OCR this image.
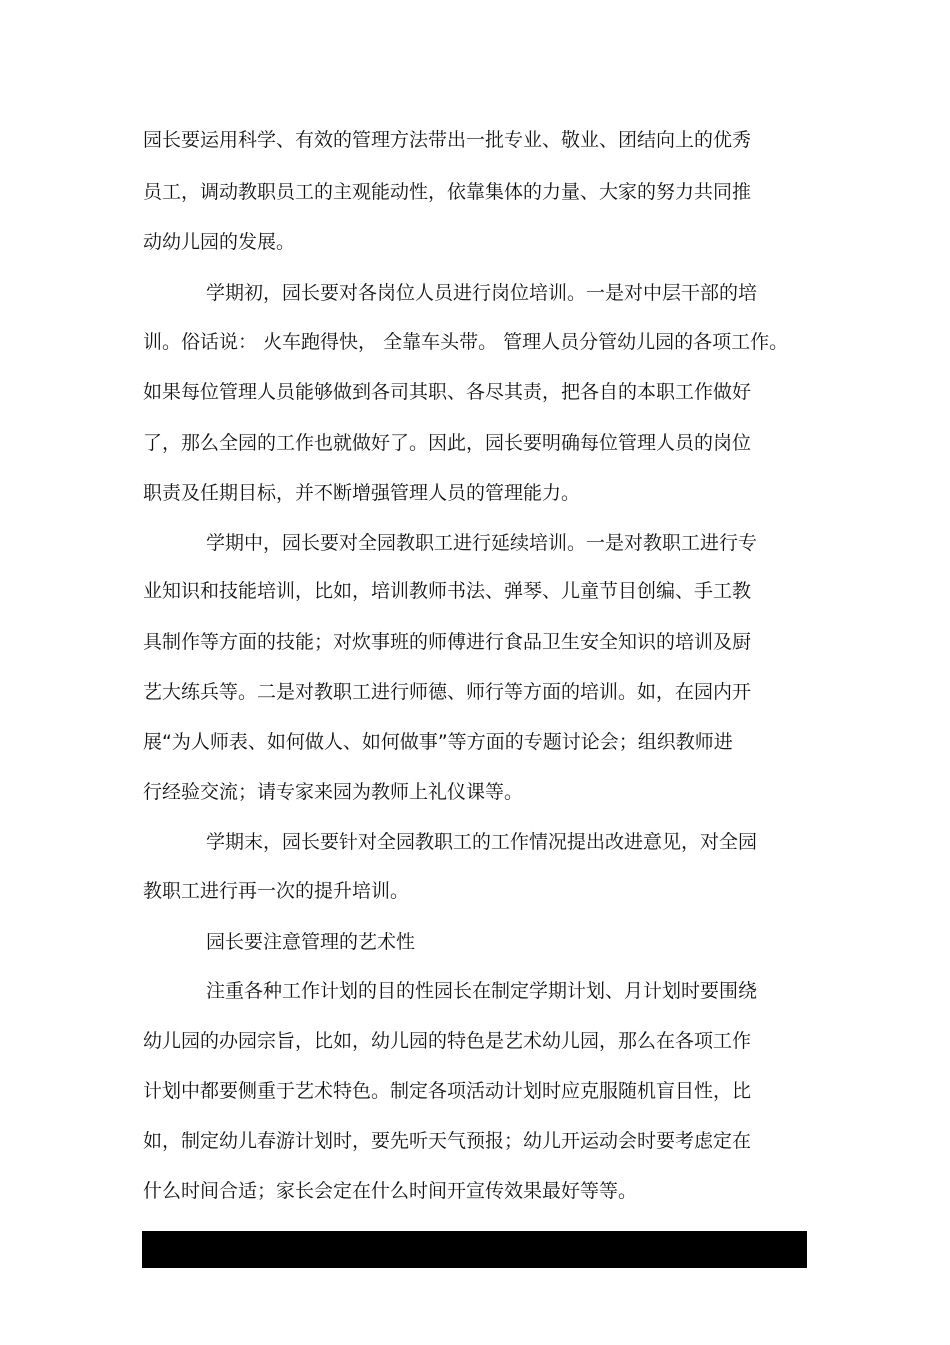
园长要运用科学、有效的管理方法带出一批专业、敬业、团结向上的优秀
员工，调动教职员工的主观能动性，依靠集体的力量、大家的努力共同推
动幼儿园的发展。
学期初，园长要对各岗位人员进行岗位培训。一是对中层干部的培
训。俗话说： 火车跑得快， 全靠车头带。 管理人员分管幼儿园的各项工作。
如果每位管理人员能够做到各司其职、各尽其责，把各自的本职工作做好
了，那么全园的工作也就做好了。因此，园长要明确每位管理人员的岗位
职责及任期目标，并不断增强管理人员的管理能力。
学期中，园长要对全园教职工进行延续培训。一是对教职工进行专
业知识和技能培训，比如，培训教师书法、弹琴、儿童节目创编、手工教
具制作等方面的技能；对炊事班的师傅进行食品卫生安全知识的培训及厨
艺大练兵等。二是对教职工进行师德、师行等方面的培训。如，在园内开
展“为人师表、如何做人、如何做事”等方面的专题讨论会；组织教师进
行经验交流；请专家来园为教师上礼仪课等。
学期末，园长要针对全园教职工的工作情况提出改进意见，对全园
教职工进行再一次的提升培训。
园长要注意管理的艺术性
注重各种工作计划的目的性园长在制定学期计划、月计划时要围绕
幼儿园的办园宗旨，比如，幼儿园的特色是艺术幼儿园，那么在各项工作
计划中都要侧重于艺术特色。制定各项活动计划时应克服随机盲目性，比
如，制定幼儿春游计划时，要先听天气预报；幼儿开运动会时要考虑定在
什么时间合适；家长会定在什么时间开宣传效果最好等等。
